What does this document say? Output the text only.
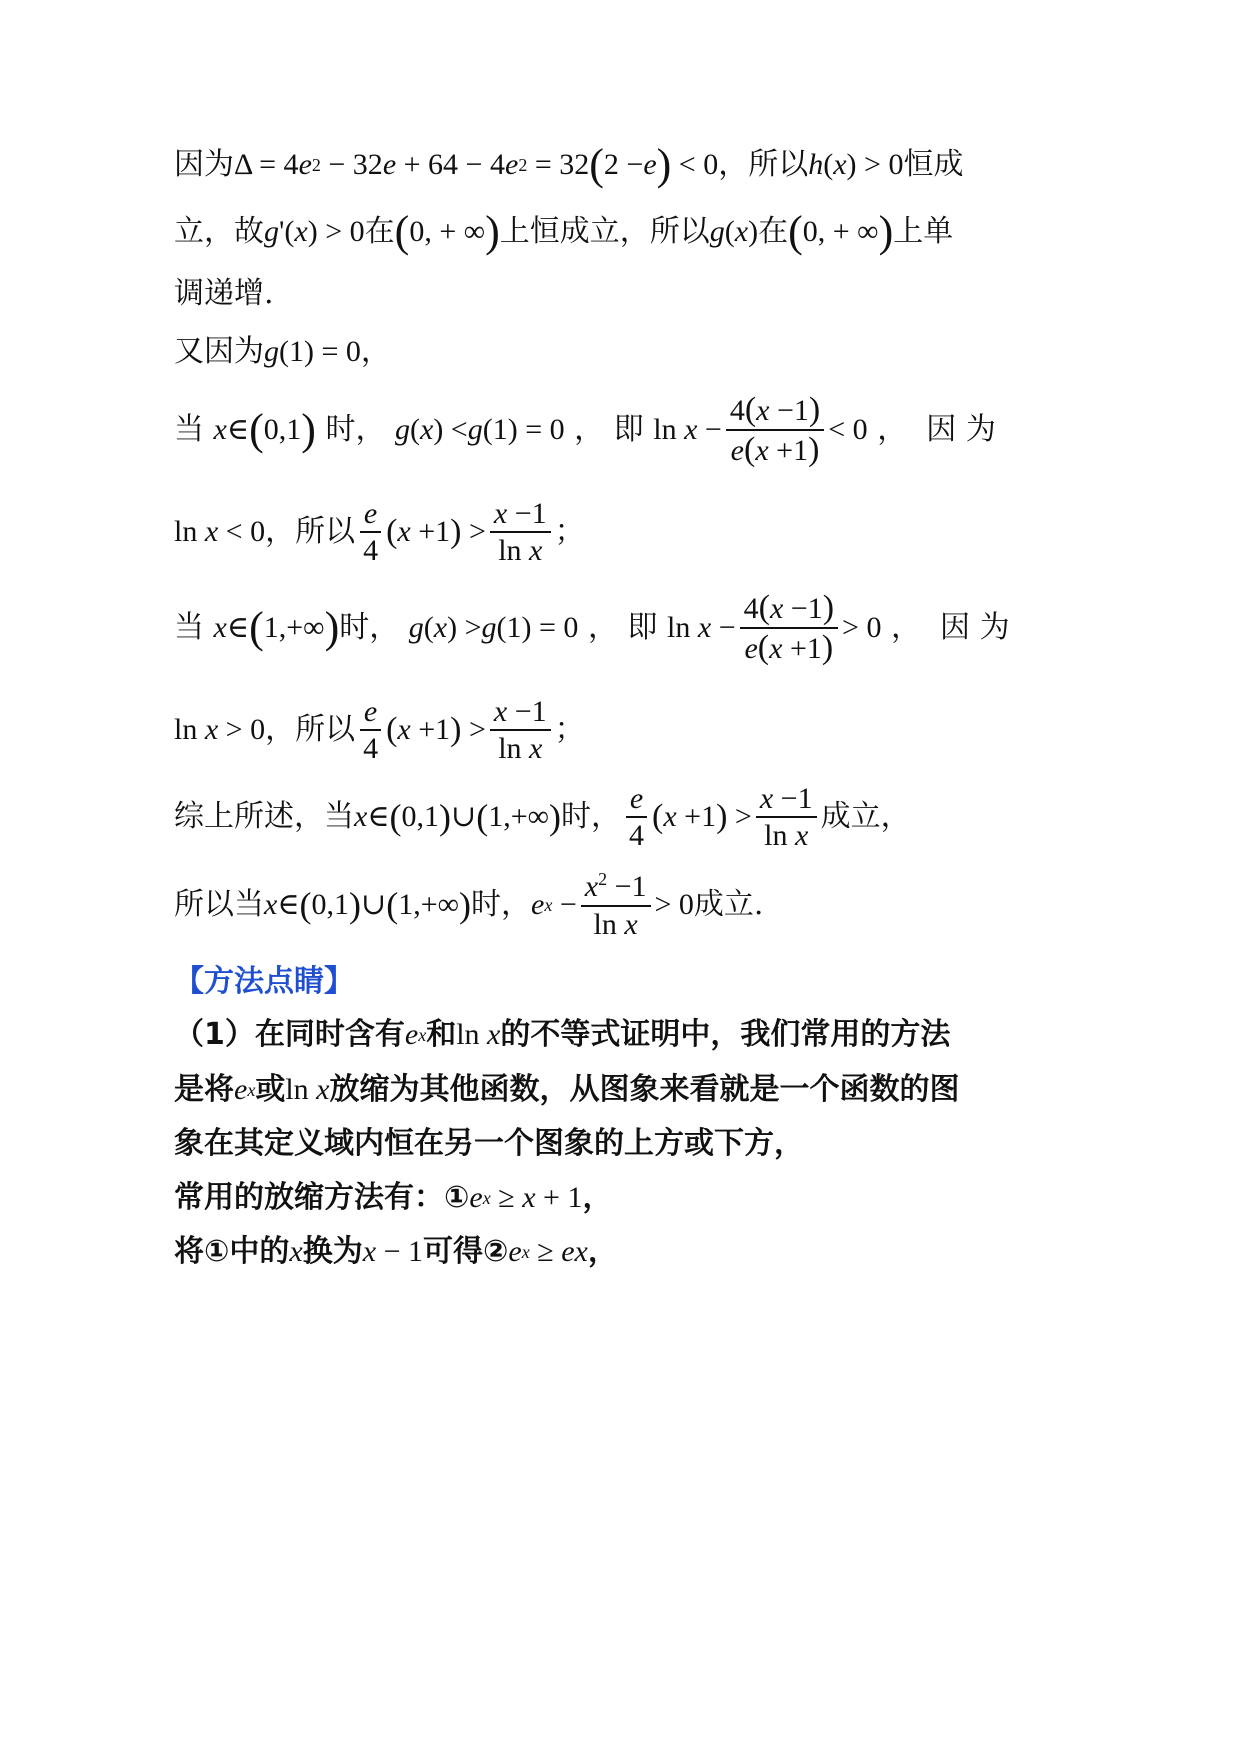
因为 Δ = 4 e 2 − 32 e + 64 − 4 e 2 = 32 ( 2 − e ) < 0 ，所以 h ( x ) > 0 恒成
立，故 g '( x ) > 0 在 ( 0, + ∞ ) 上恒成立，所以 g ( x ) 在 ( 0, + ∞ ) 上单
调递增.
又因为 g (1) = 0 ，
当 x ∈ ( 0,1 ) 时， g ( x ) < g (1) = 0 ， 即 $\ln x - \frac{4(x -1)}{e(x +1)} < 0$ ，  因 为
ln x < 0 ，所以 $\frac{e}{4}$ ( x +1 ) > $\frac{x -1}{\text{ln x}}$ ；
当 x ∈ ( 1,+∞ ) 时， g ( x ) > g (1) = 0 ， 即 $\ln x - \frac{4(x -1)}{e(x +1)} > 0$ ，  因 为
ln x > 0 ，所以 $\frac{e}{4}$ ( x +1 ) > $\frac{x -1}{\text{ln x}}$ ；
综上所述，当 x ∈ ( 0,1 ) ∪ ( 1,+∞ ) 时， $\frac{e}{4}$ ( x +1 ) > $\frac{x -1}{\text{ln x}}$ 成立，
所以当 x ∈ ( 0,1 ) ∪ ( 1,+∞ ) 时， e $x - \frac{x^2 -1}{\text{ln x}} > 0$ 成立.
【方法点睛】
（1）在同时含有 e x 和 ln x 的不等式证明中，我们常用的方法
是将 e x 或 ln x 放缩为其他函数，从图象来看就是一个函数的图
象在其定义域内恒在另一个图象的上方或下方，
常用的放缩方法有：① e x ≥ x + 1 ，
将①中的 x 换为 x − 1 可得② e x ≥ ex ，
